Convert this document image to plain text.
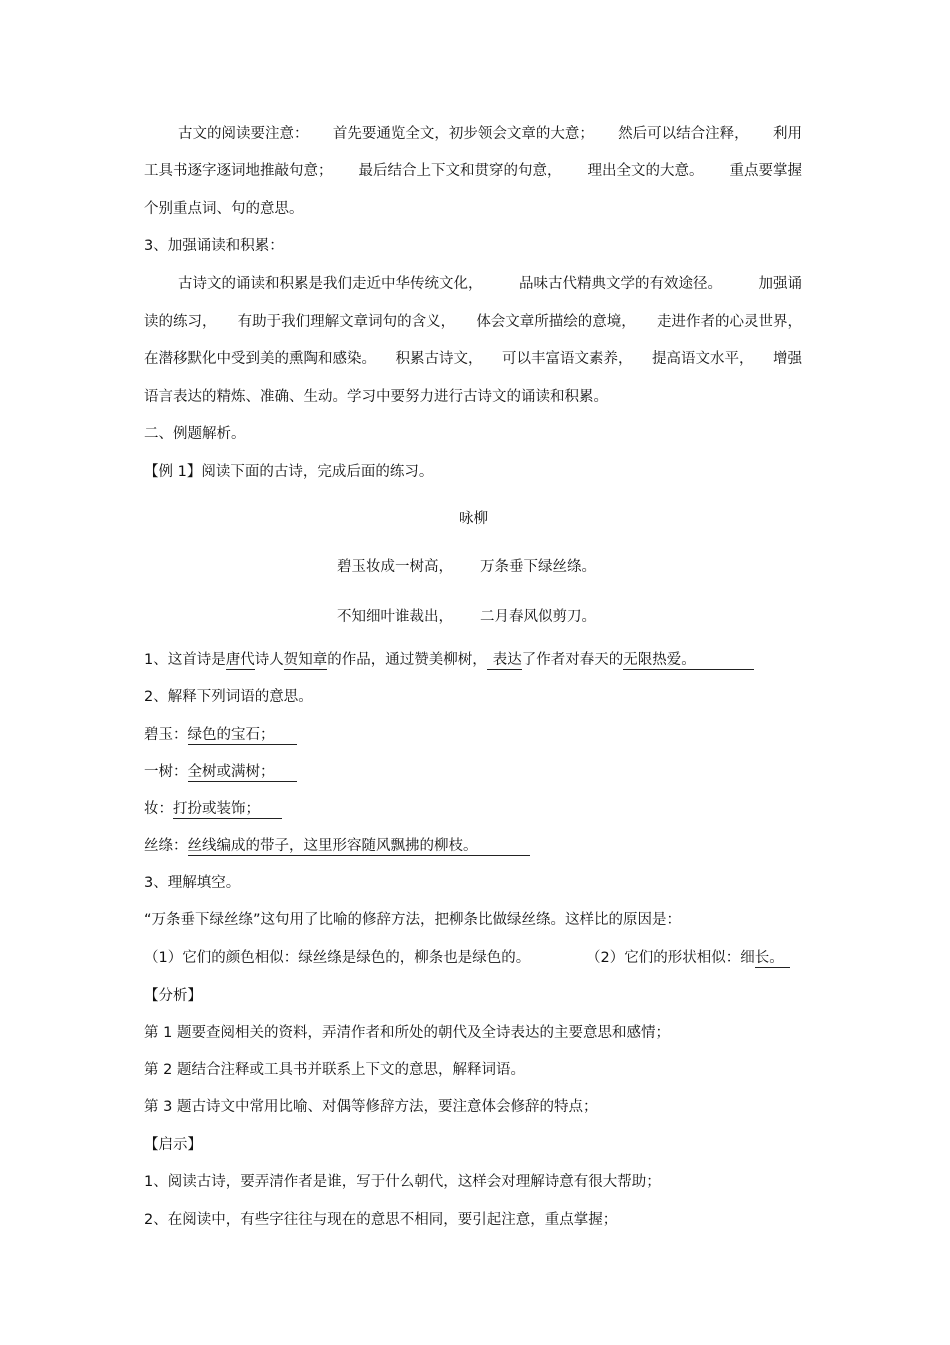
古文的阅读要注意： 首先要通览全文，初步领会文章的大意； 然后可以结合注释， 利用
工具书逐字逐词地推敲句意； 最后结合上下文和贯穿的句意， 理出全文的大意。 重点要掌握
个别重点词、句的意思。
3、加强诵读和积累：
古诗文的诵读和积累是我们走近中华传统文化，	品味古代精典文学的有效途径。	加强诵
读的练习， 有助于我们理解文章词句的含义， 体会文章所描绘的意境， 走进作者的心灵世界，
在潜移默化中受到美的熏陶和感染。 积累古诗文， 可以丰富语文素养， 提高语文水平， 增强
语言表达的精炼、准确、生动。学习中要努力进行古诗文的诵读和积累。
二、例题解析。
【例 1】阅读下面的古诗，完成后面的练习。
咏柳
碧玉妆成一树高， 万条垂下绿丝绦。
不知细叶谁裁出， 二月春风似剪刀。
1、这首诗是唐代诗人贺知章的作品，通过赞美柳树， 表达了作者对春天的无限热爱。
2、解释下列词语的意思。
碧玉：绿色的宝石；
一树：全树或满树；
妆：打扮或装饰；
丝绦：丝线编成的带子，这里形容随风飘拂的柳枝。
3、理解填空。
“万条垂下绿丝绦”这句用了比喻的修辞方法，把柳条比做绿丝绦。这样比的原因是：
（1）它们的颜色相似：绿丝绦是绿色的，柳条也是绿色的。	（2）它们的形状相似：细长。
【分析】
第 1 题要查阅相关的资料，弄清作者和所处的朝代及全诗表达的主要意思和感情；
第 2 题结合注释或工具书并联系上下文的意思，解释词语。
第 3 题古诗文中常用比喻、对偶等修辞方法，要注意体会修辞的特点；
【启示】
1、阅读古诗，要弄清作者是谁，写于什么朝代，这样会对理解诗意有很大帮助；
2、在阅读中，有些字往往与现在的意思不相同，要引起注意，重点掌握；
